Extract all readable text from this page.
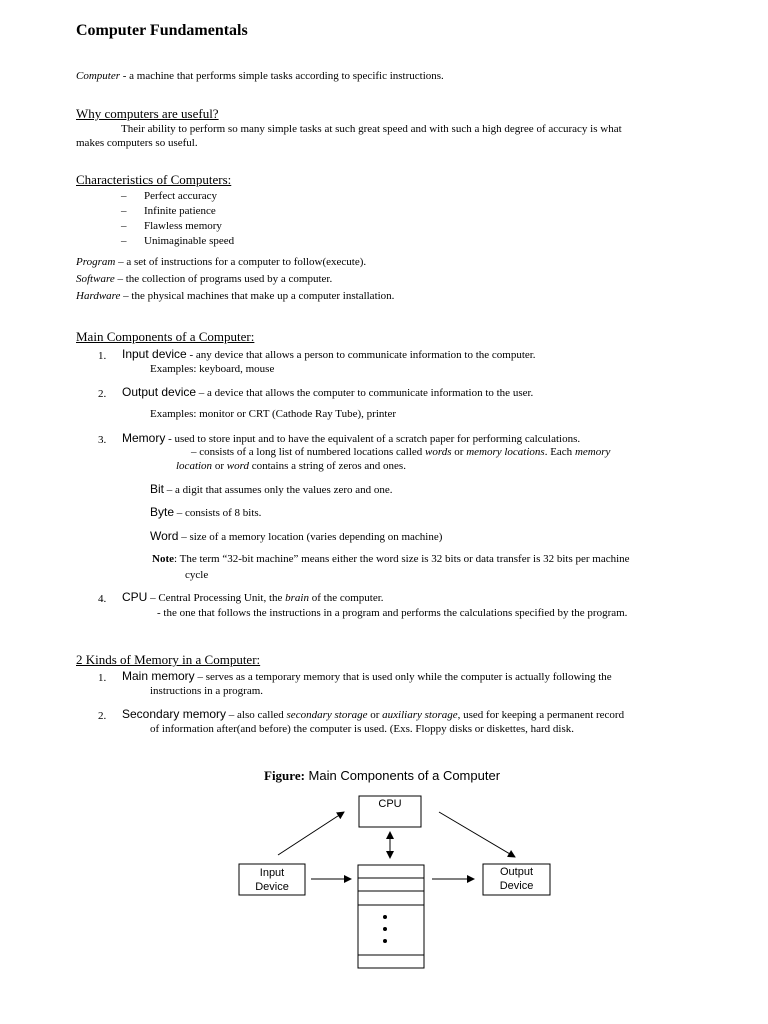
Computer Fundamentals
Computer - a machine that performs simple tasks according to specific instructions.
Why computers are useful?
Their ability to perform so many simple tasks at such great speed and with such a high degree of accuracy is what
makes computers so useful.
Characteristics of Computers:
– Perfect accuracy
– Infinite patience
– Flawless memory
– Unimaginable speed
Program – a set of instructions for a computer to follow(execute).
Software – the collection of programs used by a computer.
Hardware – the physical machines that make up a computer installation.
Main Components of a Computer:
1. Input device - any device that allows a person to communicate information to the computer.
Examples: keyboard, mouse
2. Output device – a device that allows the computer to communicate information to the user.
Examples: monitor or CRT (Cathode Ray Tube), printer
3. Memory - used to store input and to have the equivalent of a scratch paper for performing calculations.
– consists of a long list of numbered locations called words or memory locations. Each memory
location or word contains a string of zeros and ones.
Bit – a digit that assumes only the values zero and one.
Byte – consists of 8 bits.
Word – size of a memory location (varies depending on machine)
Note: The term “32-bit machine” means either the word size is 32 bits or data transfer is 32 bits per machine
cycle
4. CPU – Central Processing Unit, the brain of the computer.
- the one that follows the instructions in a program and performs the calculations specified by the program.
2 Kinds of Memory in a Computer:
1. Main memory – serves as a temporary memory that is used only while the computer is actually following the
instructions in a program.
2. Secondary memory – also called secondary storage or auxiliary storage, used for keeping a permanent record
of information after(and before) the computer is used. (Exs. Floppy disks or diskettes, hard disk.
Figure: Main Components of a Computer
CPU
Input
Device
Output
Device
